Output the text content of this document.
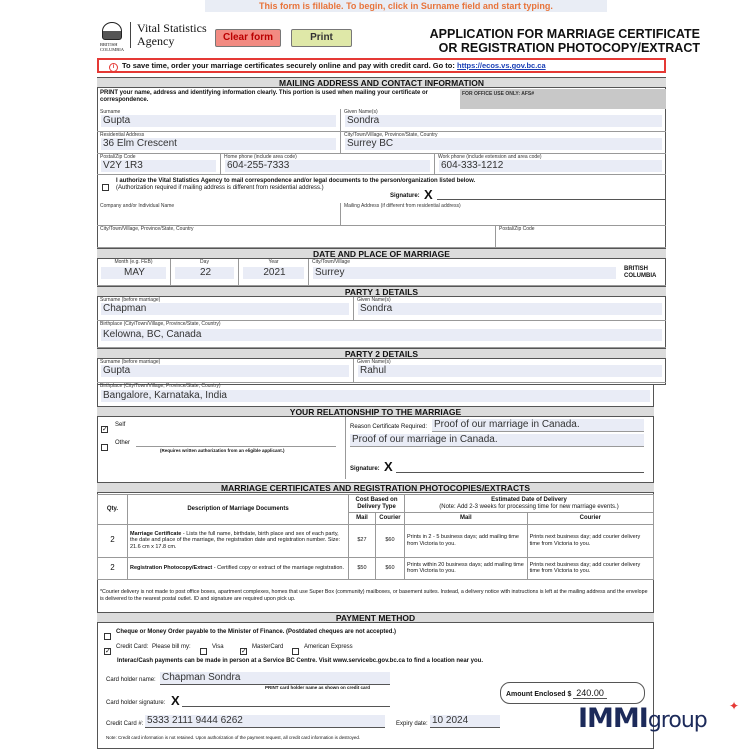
This form is fillable. To begin, click in Surname field and start typing.
BRITISH COLUMBIA
Vital Statistics Agency	Clear form	Print	APPLICATION FOR MARRIAGE CERTIFICATE
OR REGISTRATION PHOTOCOPY/EXTRACT
i To save time, order your marriage certificates securely online and pay with credit card. Go to: https://ecos.vs.gov.bc.ca
MAILING ADDRESS AND CONTACT INFORMATION
PRINT your name, address and identifying information clearly. This portion is used when mailing your certificate or correspondence.
FOR OFFICE USE ONLY: AFS#
Surname
Gupta
Given Name(s)
Sondra
Residential Address
36 Elm Crescent
City/Town/Village, Province/State, Country
Surrey BC
Postal/Zip Code
V2Y 1R3
Home phone (include area code)
604-255-7333
Work phone (include extension and area code)
604-333-1212
I authorize the Vital Statistics Agency to mail correspondence and/or legal documents to the person/organization listed below.
(Authorization required if mailing address is different from residential address.)
Signature: X
Company and/or Individual Name	Mailing Address (if different from residential address)
City/Town/Village, Province/State, Country	Postal/Zip Code
DATE AND PLACE OF MARRIAGE
Month (e.g. FEB)
MAY
Day
22
Year
2021
City/Town/Village
Surrey	BRITISH COLUMBIA
PARTY 1 DETAILS
Surname (before marriage)
Chapman
Given Name(s)
Sondra
Birthplace (City/Town/Village, Province/State, Country)
Kelowna, BC, Canada
PARTY 2 DETAILS
Surname (before marriage)
Gupta
Given Name(s)
Rahul
Birthplace (City/Town/Village, Province/State, Country)
Bangalore, Karnataka, India
YOUR RELATIONSHIP TO THE MARRIAGE
✓
Self
Other
(Requires written authorization from an eligible applicant.)
Reason Certificate Required: Proof of our marriage in Canada.
Proof of our marriage in Canada.
Signature: X
MARRIAGE CERTIFICATES AND REGISTRATION PHOTOCOPIES/EXTRACTS
Qty.	Description of Marriage Documents	Cost Based on Delivery Type		Estimated Date of Delivery
(Note: Add 2-3 weeks for processing time for new marriage events.)	

		Mail	Courier	Mail	Courier
2	Marriage Certificate - Lists the full name, birthdate, birth place and sex of each party, the date and place of the marriage, the registration date and registration number. Size: 21.6 cm x 17.8 cm.	$27	$60	Prints in 2 - 5 business days; add mailing time from Victoria to you.	Prints next business day; add courier delivery time from Victoria to you.
2	Registration Photocopy/Extract - Certified copy or extract of the marriage registration.	$50	$60	Prints within 20 business days; add mailing time from Victoria to you.	Prints next business day; add courier delivery time from Victoria to you.
*Courier delivery is not made to post office boxes, apartment complexes, homes that use Super Box (community) mailboxes, or basement suites. Instead, a delivery notice with instructions is left at the mailing address and the envelope is delivered to the nearest postal outlet. ID and signature are required upon pick up.
PAYMENT METHOD
Cheque or Money Order payable to the Minister of Finance. (Postdated cheques are not accepted.)
✓
Credit Card: Please bill my:	Visa
✓
MasterCard	American Express
Interac/Cash payments can be made in person at a Service BC Centre. Visit www.servicebc.gov.bc.ca to find a location near you.
Card holder name: Chapman Sondra
PRINT card holder name as shown on credit card
Card holder signature: X	Amount Enclosed $ 240.00
Credit Card #: 5333 2111 9444 6262	Expiry date: 10 2024
Note: Credit card information is not retained. Upon authorization of the payment request, all credit card information is destroyed.
IMMIgroup
✦
